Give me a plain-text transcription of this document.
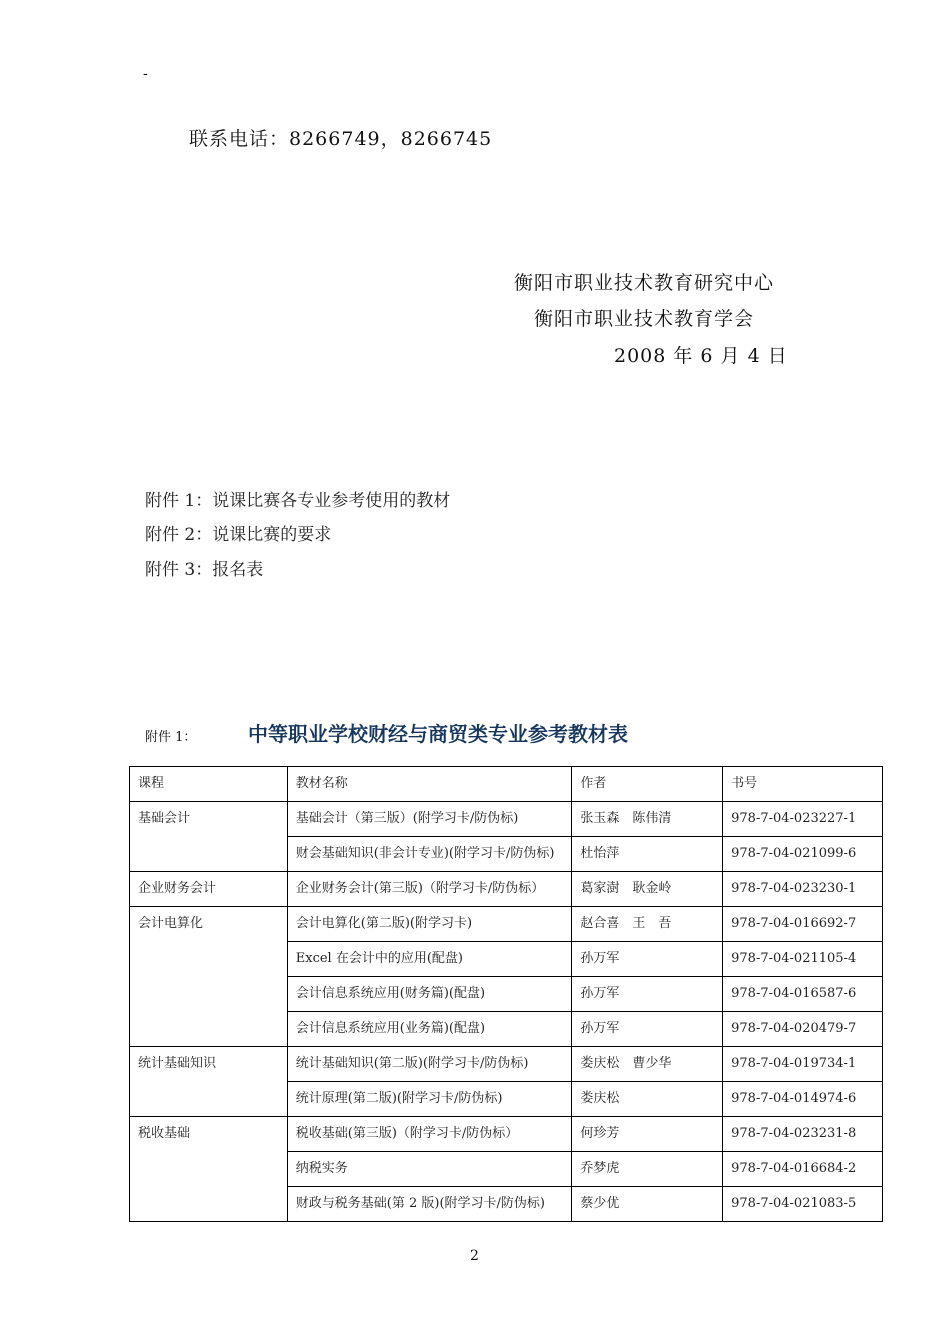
-
联系电话：8266749，8266745
衡阳市职业技术教育研究中心
衡阳市职业技术教育学会
2008 年 6 月 4 日
附件 1：说课比赛各专业参考使用的教材
附件 2：说课比赛的要求
附件 3：报名表
附件 1：	中等职业学校财经与商贸类专业参考教材表
课程	教材名称	作者	书号
基础会计	基础会计（第三版）(附学习卡/防伪标)	张玉森　陈伟清	978-7-04-023227-1
	财会基础知识(非会计专业)(附学习卡/防伪标)	杜怡萍	978-7-04-021099-6
企业财务会计	企业财务会计(第三版)（附学习卡/防伪标）	葛家澍　耿金岭	978-7-04-023230-1
会计电算化	会计电算化(第二版)(附学习卡)	赵合喜　王　吾	978-7-04-016692-7
	Excel 在会计中的应用(配盘)	孙万军	978-7-04-021105-4
	会计信息系统应用(财务篇)(配盘)	孙万军	978-7-04-016587-6
	会计信息系统应用(业务篇)(配盘)	孙万军	978-7-04-020479-7
统计基础知识	统计基础知识(第二版)(附学习卡/防伪标)	娄庆松　曹少华	978-7-04-019734-1
	统计原理(第二版)(附学习卡/防伪标)	娄庆松	978-7-04-014974-6
税收基础	税收基础(第三版)（附学习卡/防伪标）	何珍芳	978-7-04-023231-8
	纳税实务	乔梦虎	978-7-04-016684-2
	财政与税务基础(第 2 版)(附学习卡/防伪标)	蔡少优	978-7-04-021083-5
2
